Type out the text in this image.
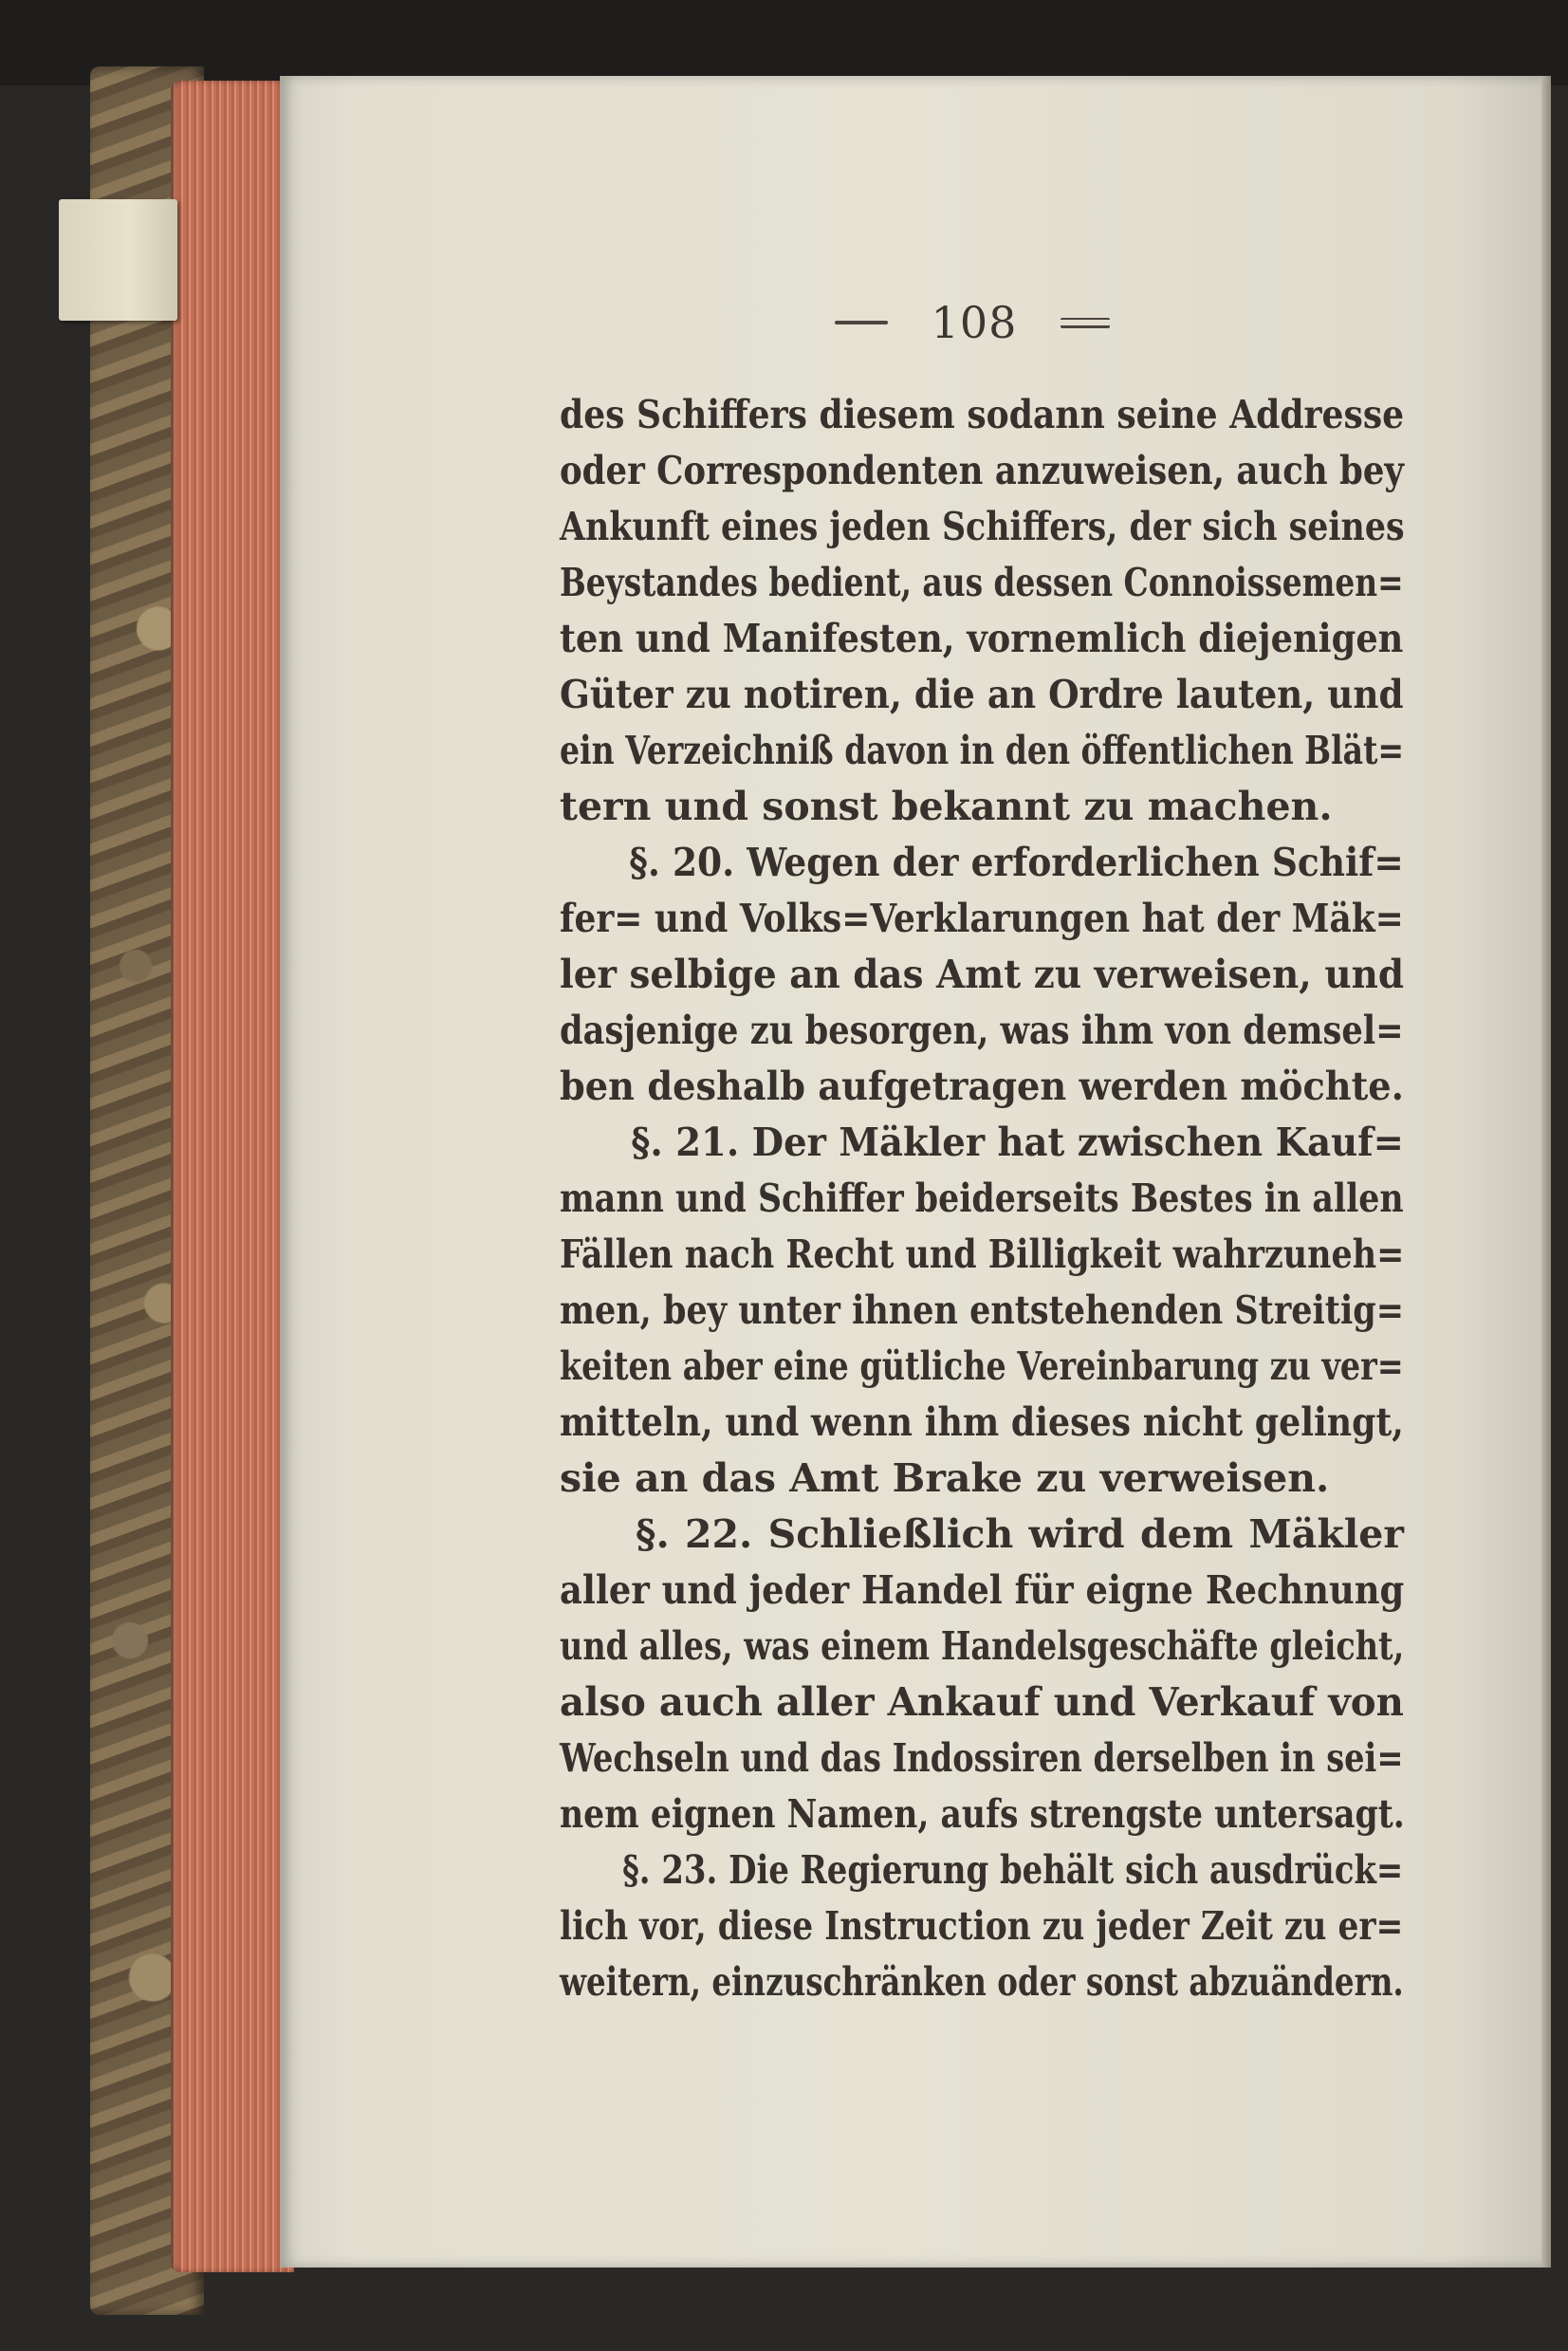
108
des Schiffers diesem sodann seine Addresse
oder Correspondenten anzuweisen, auch bey
Ankunft eines jeden Schiffers, der sich seines
Beystandes bedient, aus dessen Connoissemen=
ten und Manifesten, vornemlich diejenigen
Güter zu notiren, die an Ordre lauten, und
ein Verzeichniß davon in den öffentlichen Blät=
tern und sonst bekannt zu machen.
§. 20. Wegen der erforderlichen Schif=
fer= und Volks=Verklarungen hat der Mäk=
ler selbige an das Amt zu verweisen, und
dasjenige zu besorgen, was ihm von demsel=
ben deshalb aufgetragen werden möchte.
§. 21. Der Mäkler hat zwischen Kauf=
mann und Schiffer beiderseits Bestes in allen
Fällen nach Recht und Billigkeit wahrzuneh=
men, bey unter ihnen entstehenden Streitig=
keiten aber eine gütliche Vereinbarung zu ver=
mitteln, und wenn ihm dieses nicht gelingt,
sie an das Amt Brake zu verweisen.
§. 22. Schließlich wird dem Mäkler
aller und jeder Handel für eigne Rechnung
und alles, was einem Handelsgeschäfte gleicht,
also auch aller Ankauf und Verkauf von
Wechseln und das Indossiren derselben in sei=
nem eignen Namen, aufs strengste untersagt.
§. 23. Die Regierung behält sich ausdrück=
lich vor, diese Instruction zu jeder Zeit zu er=
weitern, einzuschränken oder sonst abzuändern.
